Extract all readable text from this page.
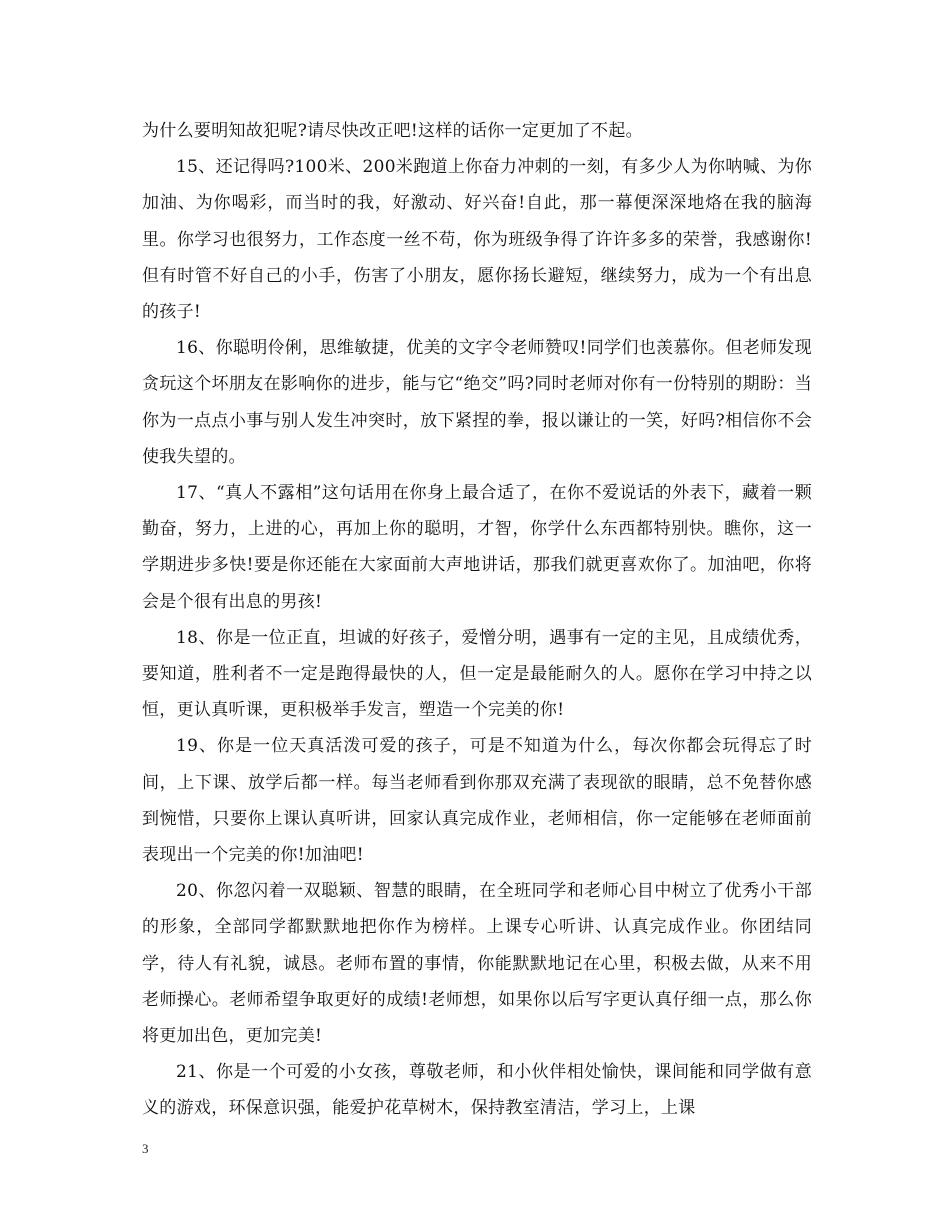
为什么要明知故犯呢?请尽快改正吧!这样的话你一定更加了不起。

15、还记得吗?100米、200米跑道上你奋力冲刺的一刻，有多少人为你呐喊、为你加油、为你喝彩，而当时的我，好激动、好兴奋!自此，那一幕便深深地烙在我的脑海里。你学习也很努力，工作态度一丝不苟，你为班级争得了许许多多的荣誉，我感谢你!但有时管不好自己的小手，伤害了小朋友，愿你扬长避短，继续努力，成为一个有出息的孩子!

16、你聪明伶俐，思维敏捷，优美的文字令老师赞叹!同学们也羡慕你。但老师发现贪玩这个坏朋友在影响你的进步，能与它“绝交”吗?同时老师对你有一份特别的期盼：当你为一点点小事与别人发生冲突时，放下紧捏的拳，报以谦让的一笑，好吗?相信你不会使我失望的。

17、“真人不露相”这句话用在你身上最合适了，在你不爱说话的外表下，藏着一颗勤奋，努力，上进的心，再加上你的聪明，才智，你学什么东西都特别快。瞧你，这一学期进步多快!要是你还能在大家面前大声地讲话，那我们就更喜欢你了。加油吧，你将会是个很有出息的男孩!

18、你是一位正直，坦诚的好孩子，爱憎分明，遇事有一定的主见，且成绩优秀，要知道，胜利者不一定是跑得最快的人，但一定是最能耐久的人。愿你在学习中持之以恒，更认真听课，更积极举手发言，塑造一个完美的你!

19、你是一位天真活泼可爱的孩子，可是不知道为什么，每次你都会玩得忘了时间，上下课、放学后都一样。每当老师看到你那双充满了表现欲的眼睛，总不免替你感到惋惜，只要你上课认真听讲，回家认真完成作业，老师相信，你一定能够在老师面前表现出一个完美的你!加油吧!

20、你忽闪着一双聪颖、智慧的眼睛，在全班同学和老师心目中树立了优秀小干部的形象，全部同学都默默地把你作为榜样。上课专心听讲、认真完成作业。你团结同学，待人有礼貌，诚恳。老师布置的事情，你能默默地记在心里，积极去做，从来不用老师操心。老师希望争取更好的成绩!老师想，如果你以后写字更认真仔细一点，那么你将更加出色，更加完美!

21、你是一个可爱的小女孩，尊敬老师，和小伙伴相处愉快，课间能和同学做有意义的游戏，环保意识强，能爱护花草树木，保持教室清洁，学习上，上课

3
